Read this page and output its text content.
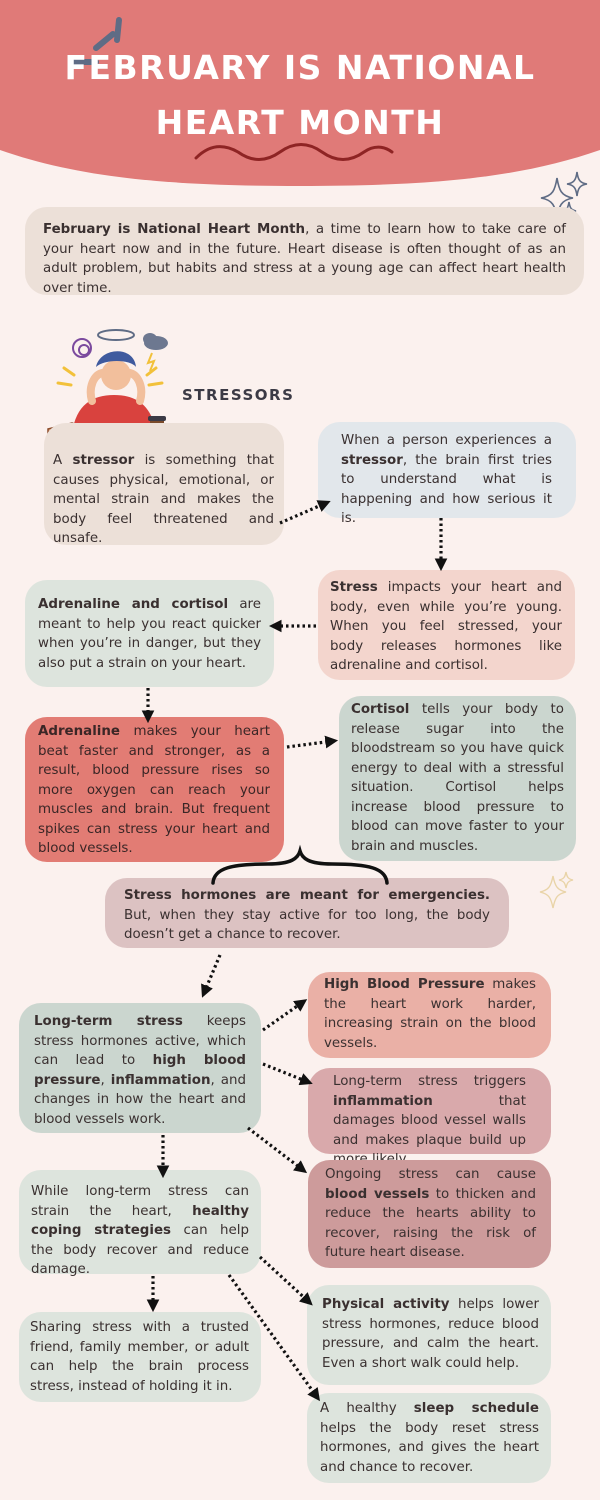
FEBRUARY IS NATIONAL
HEART MONTH
February is National Heart Month, a time to learn how to take care of your heart now and in the future. Heart disease is often thought of as an adult problem, but habits and stress at a young age can affect heart health over time.
STRESSORS
A stressor is something that causes physical, emotional, or mental strain and makes the body feel threatened and unsafe.
When a person experiences a stressor, the brain first tries to understand what is happening and how serious it is.
Stress impacts your heart and body, even while you’re young. When you feel stressed, your body releases hormones like adrenaline and cortisol.
Adrenaline and cortisol are meant to help you react quicker when you’re in danger, but they also put a strain on your heart.
Adrenaline makes your heart beat faster and stronger, as a result, blood pressure rises so more oxygen can reach your muscles and brain. But frequent spikes can stress your heart and blood vessels.
Cortisol tells your body to release sugar into the bloodstream so you have quick energy to deal with a stressful situation. Cortisol helps increase blood pressure to blood can move faster to your brain and muscles.
Stress hormones are meant for emergencies. But, when they stay active for too long, the body doesn’t get a chance to recover.
Long-term stress keeps stress hormones active, which can lead to high blood pressure, inflammation, and changes in how the heart and blood vessels work.
High Blood Pressure makes the heart work harder, increasing strain on the blood vessels.
Long-term stress triggers inflammation	that damages blood vessel walls and makes plaque build up
Ongoing stress can cause blood vessels to thicken and reduce the hearts ability to recover, raising the risk of future heart disease.
While long-term stress can strain the heart, healthy coping strategies can help the body recover and reduce damage.
Sharing stress with a trusted friend, family member, or adult can help the brain process stress, instead of holding it in.
Physical activity helps lower stress hormones, reduce blood pressure, and calm the heart. Even a short walk could help.
A healthy sleep schedule helps the body reset stress hormones, and gives the heart and chance to recover.
